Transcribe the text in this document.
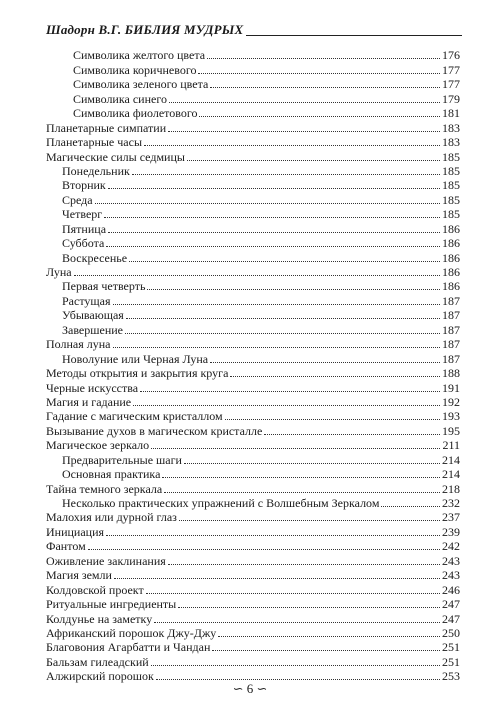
Шадорн В.Г. БИБЛИЯ МУДРЫХ
Символика желтого цвета	176
Символика коричневого	177
Символика зеленого цвета	177
Символика синего	179
Символика фиолетового	181
Планетарные симпатии	183
Планетарные часы	183
Магические силы седмицы	185
Понедельник	185
Вторник	185
Среда	185
Четверг	185
Пятница	186
Суббота	186
Воскресенье	186
Луна	186
Первая четверть	186
Растущая	187
Убывающая	187
Завершение	187
Полная луна	187
Новолуние или Черная Луна	187
Методы открытия и закрытия круга	188
Черные искусства	191
Магия и гадание	192
Гадание с магическим кристаллом	193
Вызывание духов в магическом кристалле	195
Магическое зеркало	211
Предварительные шаги	214
Основная практика	214
Тайна темного зеркала	218
Несколько практических упражнений с Волшебным Зеркалом	232
Малохия или дурной глаз	237
Инициация	239
Фантом	242
Оживление заклинания	243
Магия земли	243
Колдовской проект	246
Ритуальные ингредиенты	247
Колдуньe на заметку	247
Африканский порошок Джу-Джу	250
Благовония Агарбатти и Чандан	251
Бальзам гилеадский	251
Алжирский порошок	253
∽ 6 ∽
